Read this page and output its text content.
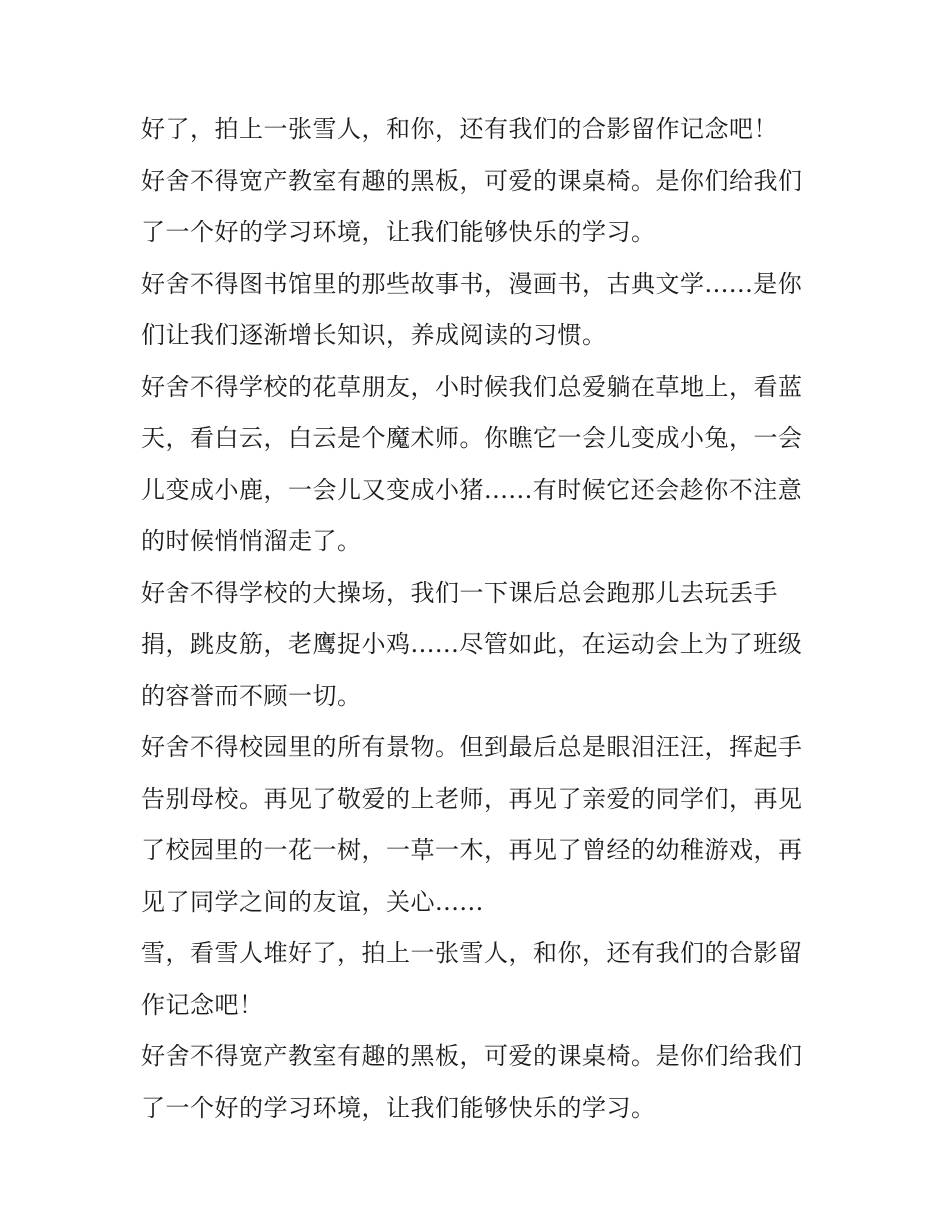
好了，拍上一张雪人，和你，还有我们的合影留作记念吧！
好舍不得宽产教室有趣的黑板，可爱的课桌椅。是你们给我们
了一个好的学习环境，让我们能够快乐的学习。
好舍不得图书馆里的那些故事书，漫画书，古典文学......是你
们让我们逐渐增长知识，养成阅读的习惯。
好舍不得学校的花草朋友，小时候我们总爱躺在草地上，看蓝
天，看白云，白云是个魔术师。你瞧它一会儿变成小兔，一会
儿变成小鹿，一会儿又变成小猪......有时候它还会趁你不注意
的时候悄悄溜走了。
好舍不得学校的大操场，我们一下课后总会跑那儿去玩丢手
捐，跳皮筋，老鹰捉小鸡......尽管如此，在运动会上为了班级
的容誉而不顾一切。
好舍不得校园里的所有景物。但到最后总是眼泪汪汪，挥起手
告别母校。再见了敬爱的上老师，再见了亲爱的同学们，再见
了校园里的一花一树，一草一木，再见了曾经的幼稚游戏，再
见了同学之间的友谊，关心......
雪，看雪人堆好了，拍上一张雪人，和你，还有我们的合影留
作记念吧！
好舍不得宽产教室有趣的黑板，可爱的课桌椅。是你们给我们
了一个好的学习环境，让我们能够快乐的学习。
